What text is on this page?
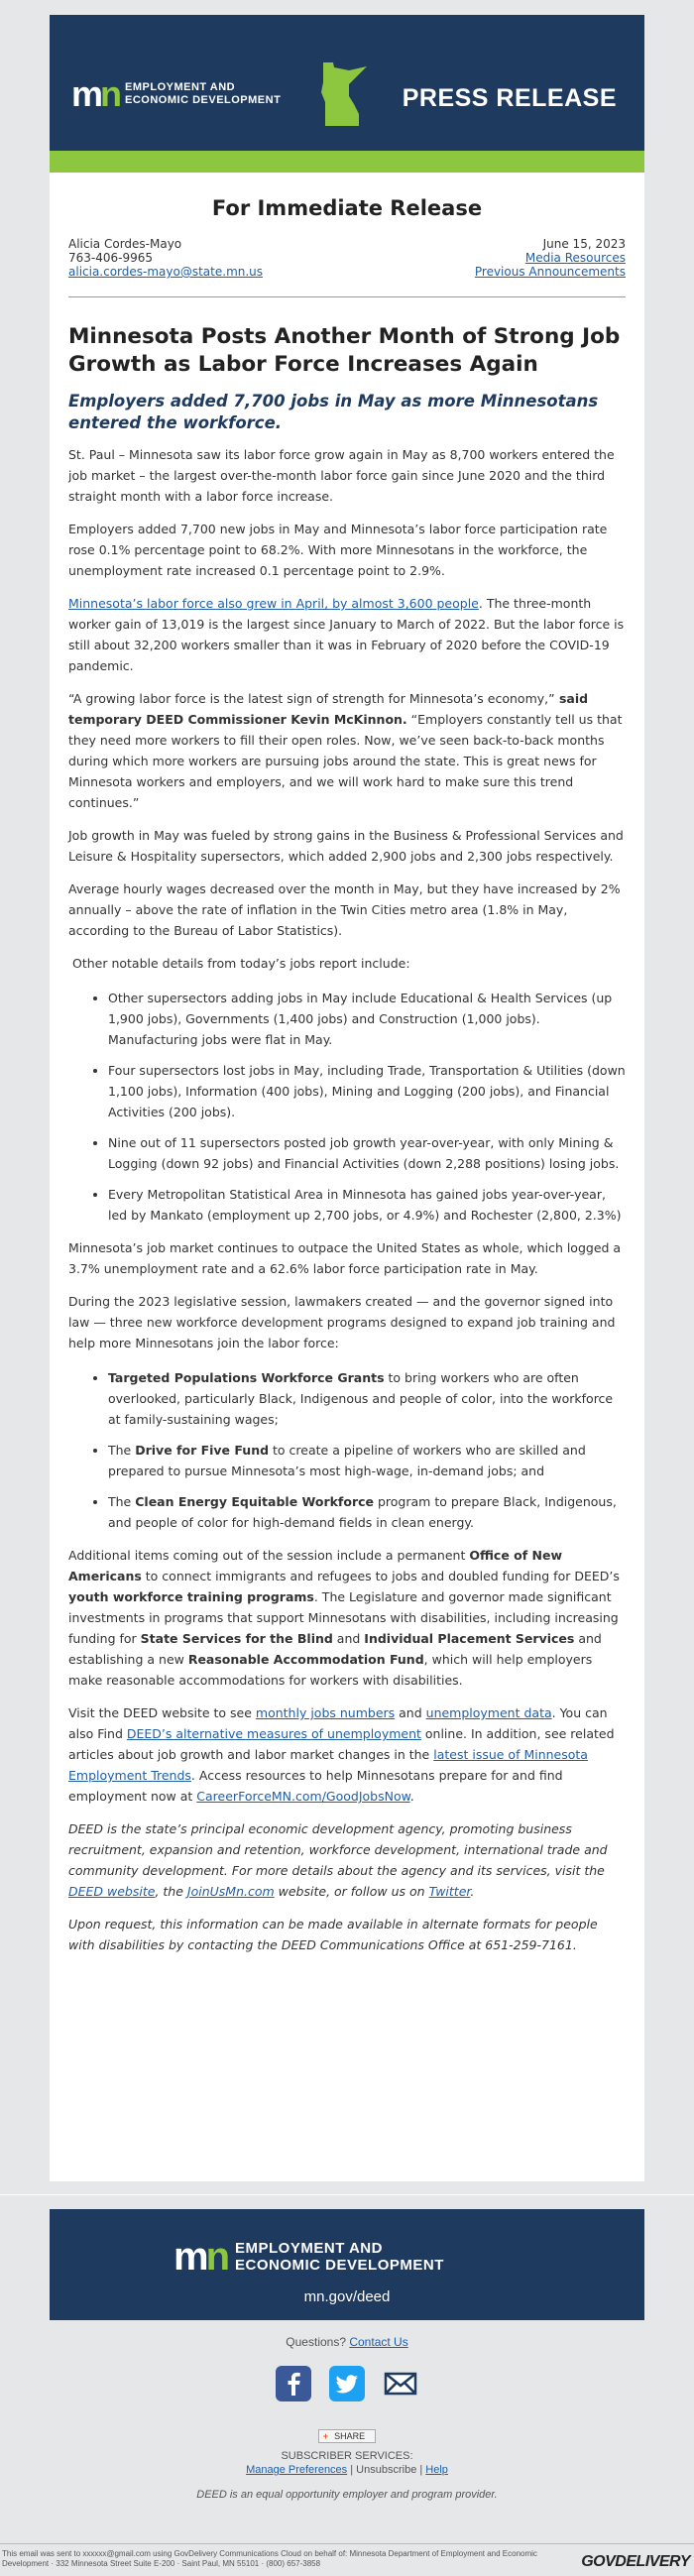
mn EMPLOYMENT AND
ECONOMIC DEVELOPMENT	PRESS RELEASE
For Immediate Release
Alicia Cordes-Mayo
763-406-9965
alicia.cordes-mayo@state.mn.us
June 15, 2023
Media Resources
Previous Announcements
Minnesota Posts Another Month of Strong Job Growth as Labor Force Increases Again
Employers added 7,700 jobs in May as more Minnesotans entered the workforce.

St. Paul – Minnesota saw its labor force grow again in May as 8,700 workers entered the job market – the largest over-the-month labor force gain since June 2020 and the third straight month with a labor force increase.

Employers added 7,700 new jobs in May and Minnesota’s labor force participation rate rose 0.1% percentage point to 68.2%. With more Minnesotans in the workforce, the unemployment rate increased 0.1 percentage point to 2.9%.

Minnesota’s labor force also grew in April, by almost 3,600 people. The three-month worker gain of 13,019 is the largest since January to March of 2022. But the labor force is still about 32,200 workers smaller than it was in February of 2020 before the COVID-19 pandemic.

“A growing labor force is the latest sign of strength for Minnesota’s economy,” said temporary DEED Commissioner Kevin McKinnon. “Employers constantly tell us that they need more workers to fill their open roles. Now, we’ve seen back-to-back months during which more workers are pursuing jobs around the state. This is great news for Minnesota workers and employers, and we will work hard to make sure this trend continues.”

Job growth in May was fueled by strong gains in the Business & Professional Services and Leisure & Hospitality supersectors, which added 2,900 jobs and 2,300 jobs respectively.

Average hourly wages decreased over the month in May, but they have increased by 2% annually – above the rate of inflation in the Twin Cities metro area (1.8% in May, according to the Bureau of Labor Statistics).

Other notable details from today’s jobs report include:

• Other supersectors adding jobs in May include Educational & Health Services (up 1,900 jobs), Governments (1,400 jobs) and Construction (1,000 jobs). Manufacturing jobs were flat in May.
• Four supersectors lost jobs in May, including Trade, Transportation & Utilities (down 1,100 jobs), Information (400 jobs), Mining and Logging (200 jobs), and Financial Activities (200 jobs).
• Nine out of 11 supersectors posted job growth year-over-year, with only Mining & Logging (down 92 jobs) and Financial Activities (down 2,288 positions) losing jobs.
• Every Metropolitan Statistical Area in Minnesota has gained jobs year-over-year, led by Mankato (employment up 2,700 jobs, or 4.9%) and Rochester (2,800, 2.3%)

Minnesota’s job market continues to outpace the United States as whole, which logged a 3.7% unemployment rate and a 62.6% labor force participation rate in May.

During the 2023 legislative session, lawmakers created — and the governor signed into law — three new workforce development programs designed to expand job training and help more Minnesotans join the labor force:

• Targeted Populations Workforce Grants to bring workers who are often overlooked, particularly Black, Indigenous and people of color, into the workforce at family-sustaining wages;
• The Drive for Five Fund to create a pipeline of workers who are skilled and prepared to pursue Minnesota’s most high-wage, in-demand jobs; and
• The Clean Energy Equitable Workforce program to prepare Black, Indigenous, and people of color for high-demand fields in clean energy.

Additional items coming out of the session include a permanent Office of New Americans to connect immigrants and refugees to jobs and doubled funding for DEED’s youth workforce training programs. The Legislature and governor made significant investments in programs that support Minnesotans with disabilities, including increasing funding for State Services for the Blind and Individual Placement Services and establishing a new Reasonable Accommodation Fund, which will help employers make reasonable accommodations for workers with disabilities.

Visit the DEED website to see monthly jobs numbers and unemployment data. You can also Find DEED’s alternative measures of unemployment online. In addition, see related articles about job growth and labor market changes in the latest issue of Minnesota Employment Trends. Access resources to help Minnesotans prepare for and find employment now at CareerForceMN.com/GoodJobsNow.

DEED is the state’s principal economic development agency, promoting business recruitment, expansion and retention, workforce development, international trade and community development. For more details about the agency and its services, visit the DEED website, the JoinUsMn.com website, or follow us on Twitter.

Upon request, this information can be made available in alternate formats for people with disabilities by contacting the DEED Communications Office at 651-259-7161.

mn EMPLOYMENT AND
ECONOMIC DEVELOPMENT
mn.gov/deed
Questions? Contact Us
+ SHARE
SUBSCRIBER SERVICES:
Manage Preferences | Unsubscribe | Help
DEED is an equal opportunity employer and program provider.
This email was sent to xxxxxx@gmail.com using GovDelivery Communications Cloud on behalf of: Minnesota Department of Employment and Economic Development · 332 Minnesota Street Suite E-200 · Saint Paul, MN 55101 · (800) 657-3858	GOVDELIVERY
